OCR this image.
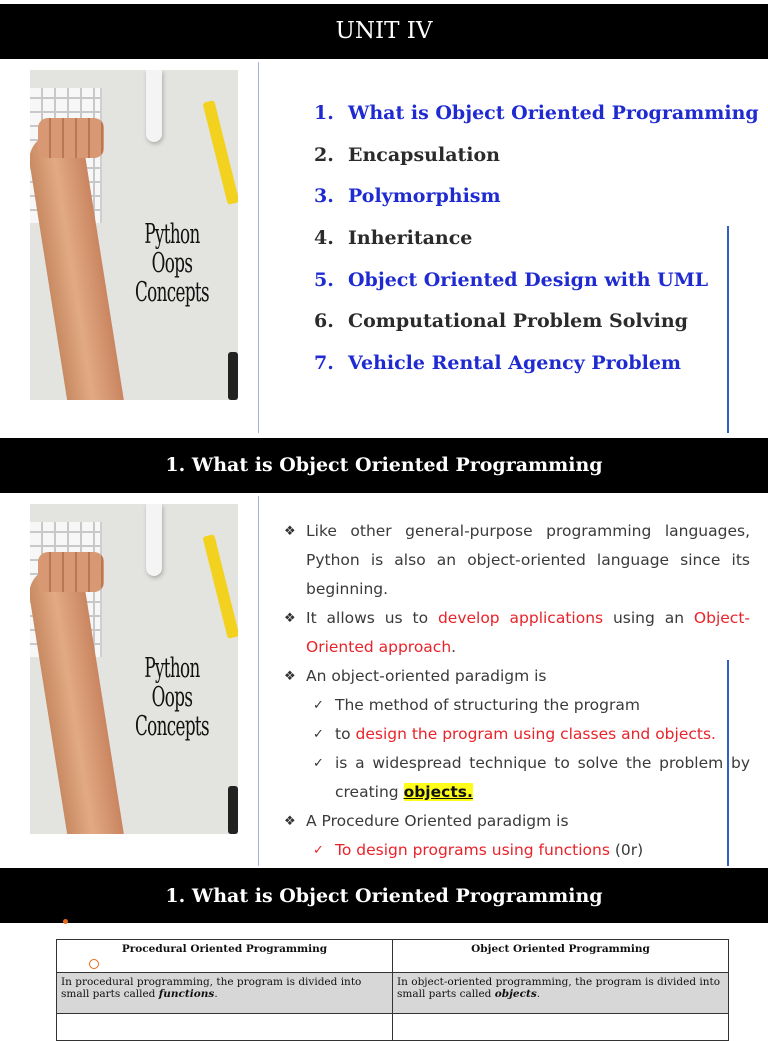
UNIT IV
Python Oops Concepts
1. What is Object Oriented Programming
2. Encapsulation
3. Polymorphism
4. Inheritance
5. Object Oriented Design with UML
6. Computational Problem Solving
7. Vehicle Rental Agency Problem
1. What is Object Oriented Programming
Python Oops Concepts
❖ Like other general-purpose programming languages, Python is also an object-oriented language since its beginning.
❖ It allows us to develop applications using an Object-Oriented approach.
❖ An object-oriented paradigm is
✓ The method of structuring the program
✓ to design the program using classes and objects.
✓ is a widespread technique to solve the problem by creating objects.
❖ A Procedure Oriented paradigm is
✓ To design programs using functions (0r)
1. What is Object Oriented Programming
Procedural Oriented Programming	Object Oriented Programming
In procedural programming, the program is divided into small parts called functions.	In object-oriented programming, the program is divided into small parts called objects.
